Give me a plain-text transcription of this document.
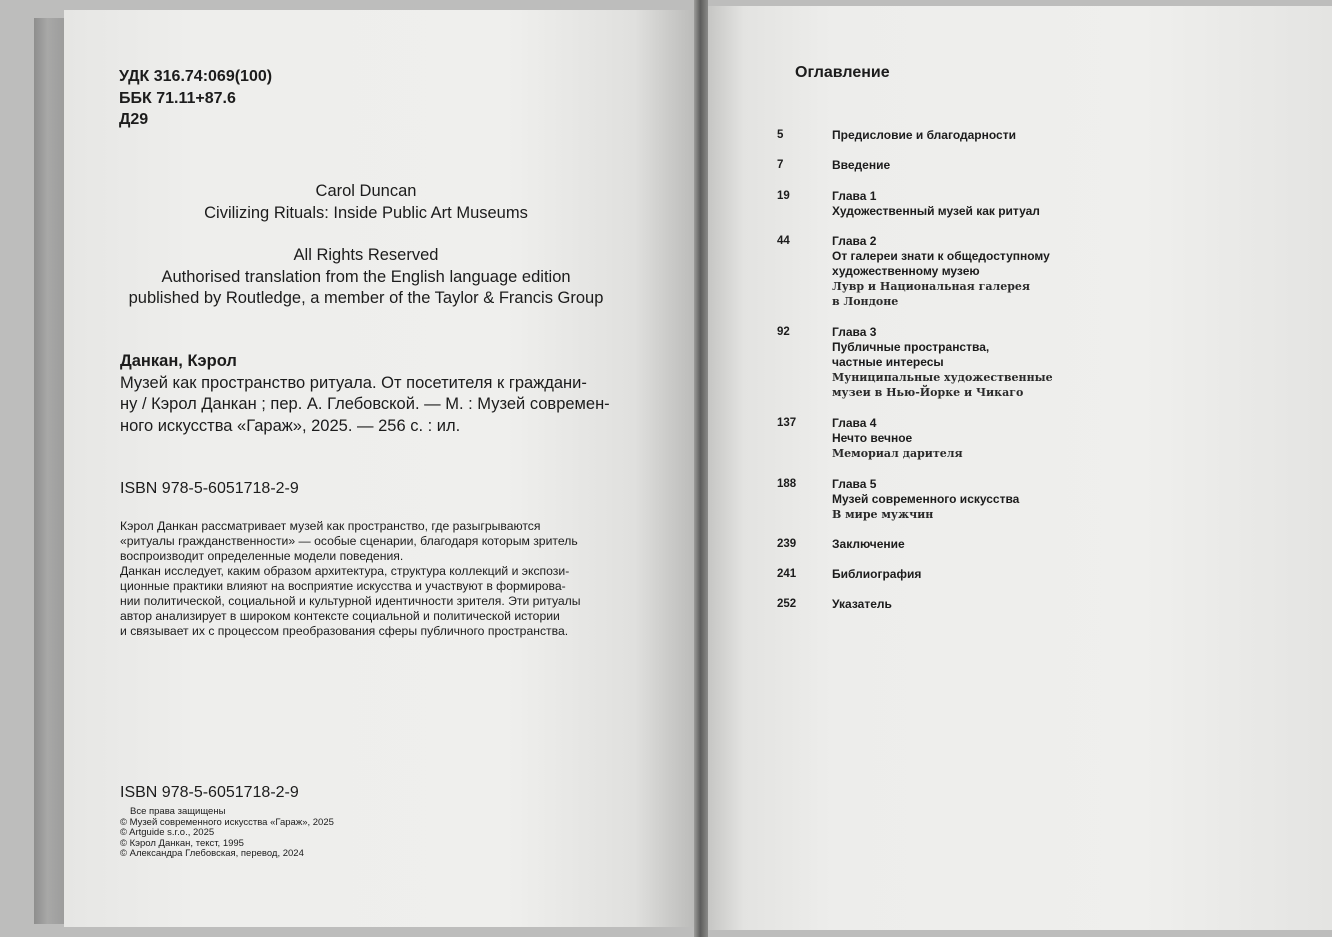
УДК 316.74:069(100)
ББК 71.11+87.6
Д29
Carol Duncan
Civilizing Rituals: Inside Public Art Museums
All Rights Reserved
Authorised translation from the English language edition
published by Routledge, a member of the Taylor & Francis Group
Данкан, Кэрол
Музей как пространство ритуала. От посетителя к граждани-
ну / Кэрол Данкан ; пер. А. Глебовской. — М. : Музей современ-
ного искусства «Гараж», 2025. — 256 с. : ил.
ISBN 978-5-6051718-2-9
Кэрол Данкан рассматривает музей как пространство, где разыгрываются
«ритуалы гражданственности» — особые сценарии, благодаря которым зритель
воспроизводит определенные модели поведения.
Данкан исследует, каким образом архитектура, структура коллекций и экспози-
ционные практики влияют на восприятие искусства и участвуют в формирова-
нии политической, социальной и культурной идентичности зрителя. Эти ритуалы
автор анализирует в широком контексте социальной и политической истории
и связывает их с процессом преобразования сферы публичного пространства.
ISBN 978-5-6051718-2-9
Все права защищены
© Музей современного искусства «Гараж», 2025
© Artguide s.r.o., 2025
© Кэрол Данкан, текст, 1995
© Александра Глебовская, перевод, 2024
Оглавление
5	Предисловие и благодарности
7	Введение
19	Глава 1
Художественный музей как ритуал
44	Глава 2
От галереи знати к общедоступному
художественному музею
Лувр и Национальная галерея
в Лондоне
92	Глава 3
Публичные пространства,
частные интересы
Муниципальные художественные
музеи в Нью-Йорке и Чикаго
137	Глава 4
Нечто вечное
Мемориал дарителя
188	Глава 5
Музей современного искусства
В мире мужчин
239	Заключение
241	Библиография
252	Указатель
